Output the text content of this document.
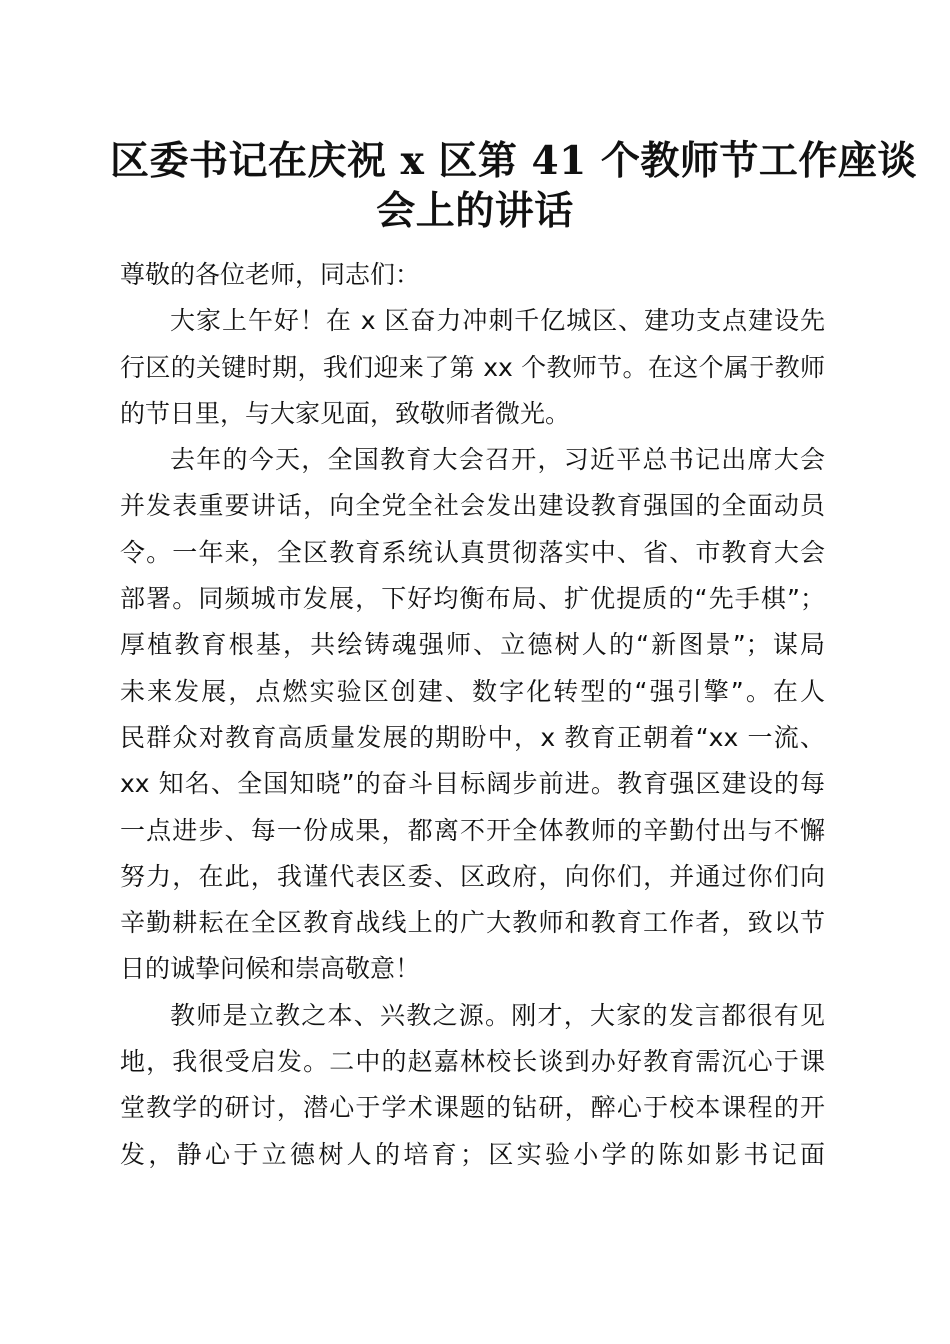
区委书记在庆祝 x 区第 41 个教师节工作座谈
会上的讲话

尊敬的各位老师，同志们：

大家上午好！在 x 区奋力冲刺千亿城区、建功支点建设先
行区的关键时期，我们迎来了第 xx 个教师节。在这个属于教师
的节日里，与大家见面，致敬师者微光。

去年的今天，全国教育大会召开，习近平总书记出席大会
并发表重要讲话，向全党全社会发出建设教育强国的全面动员
令。一年来，全区教育系统认真贯彻落实中、省、市教育大会
部署。同频城市发展，下好均衡布局、扩优提质的“先手棋”；
厚植教育根基，共绘铸魂强师、立德树人的“新图景”；谋局
未来发展，点燃实验区创建、数字化转型的“强引擎”。在人
民群众对教育高质量发展的期盼中，x 教育正朝着“xx 一流、
xx 知名、全国知晓”的奋斗目标阔步前进。教育强区建设的每
一点进步、每一份成果，都离不开全体教师的辛勤付出与不懈
努力，在此，我谨代表区委、区政府，向你们，并通过你们向
辛勤耕耘在全区教育战线上的广大教师和教育工作者，致以节
日的诚挚问候和崇高敬意！

教师是立教之本、兴教之源。刚才，大家的发言都很有见
地，我很受启发。二中的赵嘉林校长谈到办好教育需沉心于课
堂教学的研讨，潜心于学术课题的钻研，醉心于校本课程的开
发，静心于立德树人的培育；区实验小学的陈如影书记面
